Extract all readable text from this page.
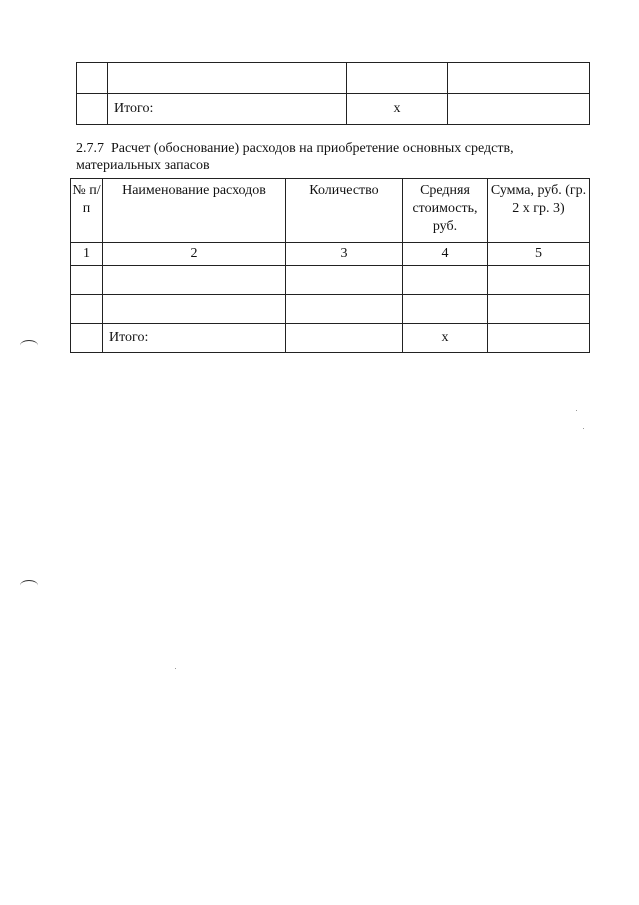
	Итого:	х	
2.7.7 Расчет (обоснование) расходов на приобретение основных средств,
материальных запасов
№ п/п	Наименование расходов	Количество	Средняя стоимость, руб.	Сумма, руб. (гр. 2 х гр. 3)
1	2	3	4	5

	Итого:		х	
